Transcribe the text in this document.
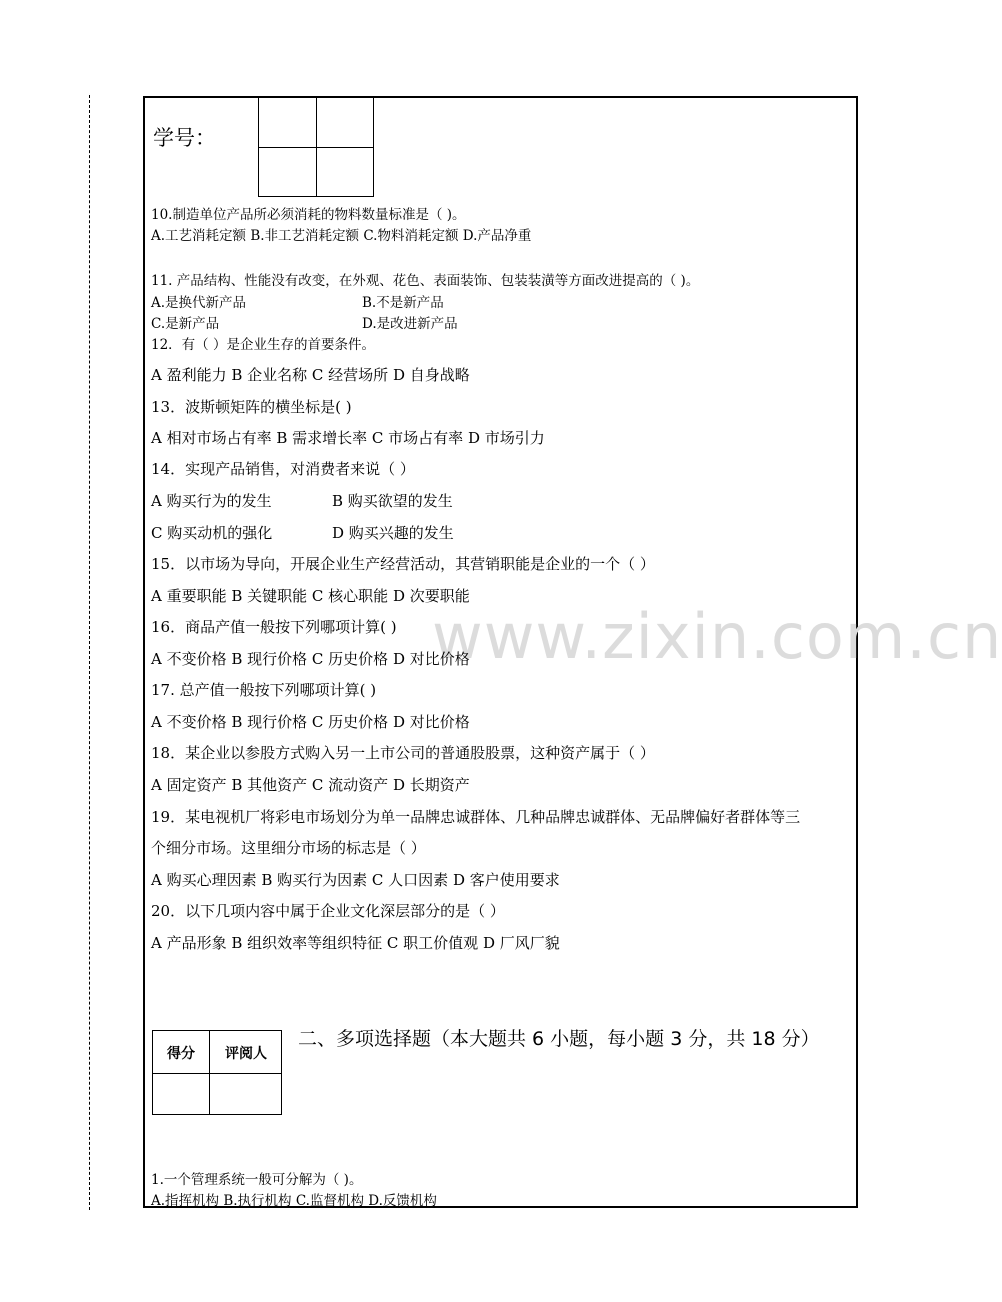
学号：
www.zixin.com.cn
10.制造单位产品所必须消耗的物料数量标准是（ )。
A.工艺消耗定额 B.非工艺消耗定额 C.物料消耗定额 D.产品净重
11. 产品结构、性能没有改变，在外观、花色、表面装饰、包装装潢等方面改进提高的（ )。
A.是换代新产品	B.不是新产品
C.是新产品	D.是改进新产品
12．有（ ）是企业生存的首要条件。
A 盈利能力 B 企业名称 C 经营场所 D 自身战略
13．波斯顿矩阵的横坐标是( )
A 相对市场占有率 B 需求增长率 C 市场占有率 D 市场引力
14．实现产品销售，对消费者来说（ ）
A 购买行为的发生	B 购买欲望的发生
C 购买动机的强化	D 购买兴趣的发生
15．以市场为导向，开展企业生产经营活动，其营销职能是企业的一个（ ）
A 重要职能 B 关键职能 C 核心职能 D 次要职能
16．商品产值一般按下列哪项计算( )
A 不变价格 B 现行价格 C 历史价格 D 对比价格
17. 总产值一般按下列哪项计算( )
A 不变价格 B 现行价格 C 历史价格 D 对比价格
18．某企业以参股方式购入另一上市公司的普通股股票，这种资产属于（ ）
A 固定资产 B 其他资产 C 流动资产 D 长期资产
19．某电视机厂将彩电市场划分为单一品牌忠诚群体、几种品牌忠诚群体、无品牌偏好者群体等三
个细分市场。这里细分市场的标志是（ ）
A 购买心理因素 B 购买行为因素 C 人口因素 D 客户使用要求
20．以下几项内容中属于企业文化深层部分的是（ ）
A 产品形象 B 组织效率等组织特征 C 职工价值观 D 厂风厂貌
得分	评阅人
二、多项选择题（本大题共 6 小题，每小题 3 分，共 18 分）
1.一个管理系统一般可分解为（ )。
A.指挥机构 B.执行机构 C.监督机构 D.反馈机构
